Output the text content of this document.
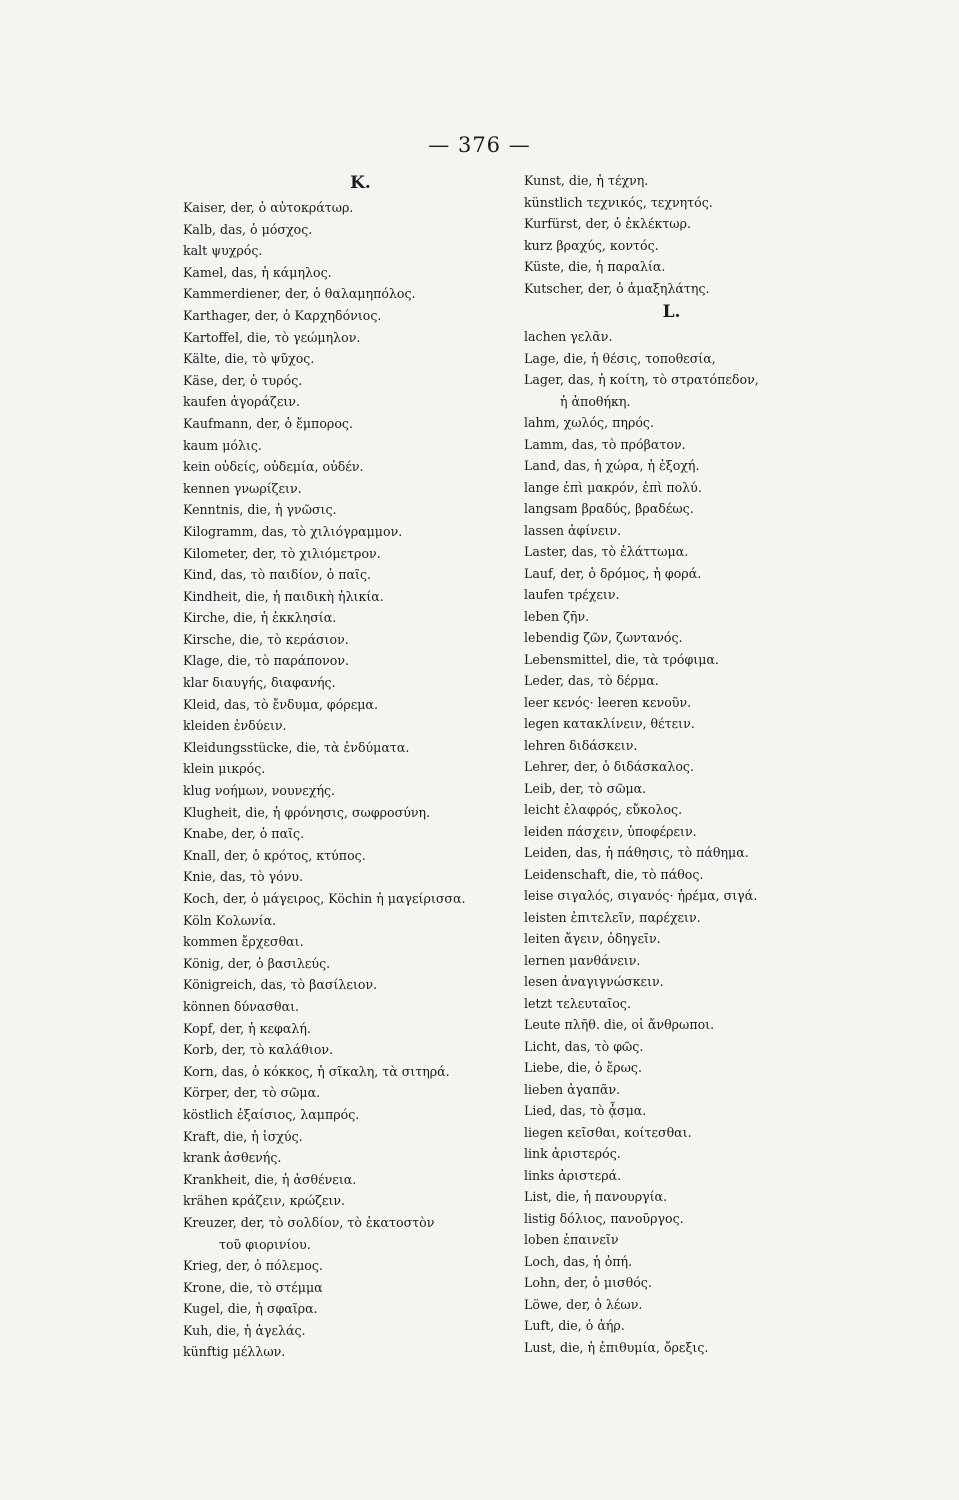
— 376 —
K.
Kaiser, der, ὁ αὐτοκράτωρ.
Kalb, das, ὁ μόσχος.
kalt ψυχρός.
Kamel, das, ἡ κάμηλος.
Kammerdiener, der, ὁ θαλαμηπόλος.
Karthager, der, ὁ Καρχηδόνιος.
Kartoffel, die, τὸ γεώμηλον.
Kälte, die, τὸ ψῦχος.
Käse, der, ὁ τυρός.
kaufen ἀγοράζειν.
Kaufmann, der, ὁ ἔμπορος.
kaum μόλις.
kein οὐδείς, οὐδεμία, οὐδέν.
kennen γνωρίζειν.
Kenntnis, die, ἡ γνῶσις.
Kilogramm, das, τὸ χιλιόγραμμον.
Kilometer, der, τὸ χιλιόμετρον.
Kind, das, τὸ παιδίον, ὁ παῖς.
Kindheit, die, ἡ παιδικὴ ἡλικία.
Kirche, die, ἡ ἐκκλησία.
Kirsche, die, τὸ κεράσιον.
Klage, die, τὸ παράπονον.
klar διαυγής, διαφανής.
Kleid, das, τὸ ἔνδυμα, φόρεμα.
kleiden ἐνδύειν.
Kleidungsstücke, die, τὰ ἐνδύματα.
klein μικρός.
klug νοήμων, νουνεχής.
Klugheit, die, ἡ φρόνησις, σωφροσύνη.
Knabe, der, ὁ παῖς.
Knall, der, ὁ κρότος, κτύπος.
Knie, das, τὸ γόνυ.
Koch, der, ὁ μάγειρος, Köchin ἡ μαγείρισσα.
Köln Κολωνία.
kommen ἔρχεσθαι.
König, der, ὁ βασιλεύς.
Königreich, das, τὸ βασίλειον.
können δύνασθαι.
Kopf, der, ἡ κεφαλή.
Korb, der, τὸ καλάθιον.
Korn, das, ὁ κόκκος, ἡ σῖκαλη, τὰ σιτηρά.
Körper, der, τὸ σῶμα.
köstlich ἐξαίσιος, λαμπρός.
Kraft, die, ἡ ἰσχύς.
krank ἀσθενής.
Krankheit, die, ἡ ἀσθένεια.
krähen κράζειν, κρώζειν.
Kreuzer, der, τὸ σολδίον, τὸ ἑκατοστὸν
τοῦ φιορινίου.
Krieg, der, ὁ πόλεμος.
Krone, die, τὸ στέμμα
Kugel, die, ἡ σφαῖρα.
Kuh, die, ἡ ἀγελάς.
künftig μέλλων.
Kunst, die, ἡ τέχνη.
künstlich τεχνικός, τεχνητός.
Kurfürst, der, ὁ ἐκλέκτωρ.
kurz βραχύς, κοντός.
Küste, die, ἡ παραλία.
Kutscher, der, ὁ ἁμαξηλάτης.
L.
lachen γελᾶν.
Lage, die, ἡ θέσις, τοποθεσία,
Lager, das, ἡ κοίτη, τὸ στρατόπεδον,
ἡ ἀποθήκη.
lahm, χωλός, πηρός.
Lamm, das, τὸ πρόβατον.
Land, das, ἡ χώρα, ἡ ἐξοχή.
lange ἐπὶ μακρόν, ἐπὶ πολύ.
langsam βραδύς, βραδέως.
lassen ἀφίνειν.
Laster, das, τὸ ἐλάττωμα.
Lauf, der, ὁ δρόμος, ἡ φορά.
laufen τρέχειν.
leben ζῆν.
lebendig ζῶν, ζωντανός.
Lebensmittel, die, τὰ τρόφιμα.
Leder, das, τὸ δέρμα.
leer κενός· leeren κενοῦν.
legen κατακλίνειν, θέτειν.
lehren διδάσκειν.
Lehrer, der, ὁ διδάσκαλος.
Leib, der, τὸ σῶμα.
leicht ἐλαφρός, εὔκολος.
leiden πάσχειν, ὑποφέρειν.
Leiden, das, ἡ πάθησις, τὸ πάθημα.
Leidenschaft, die, τὸ πάθος.
leise σιγαλός, σιγανός· ἠρέμα, σιγά.
leisten ἐπιτελεῖν, παρέχειν.
leiten ἄγειν, ὁδηγεῖν.
lernen μανθάνειν.
lesen ἀναγιγνώσκειν.
letzt τελευταῖος.
Leute πλῆθ. die, οἱ ἄνθρωποι.
Licht, das, τὸ φῶς.
Liebe, die, ὁ ἔρως.
lieben ἀγαπᾶν.
Lied, das, τὸ ᾆσμα.
liegen κεῖσθαι, κοίτεσθαι.
link ἀριστερός.
links ἀριστερά.
List, die, ἡ πανουργία.
listig δόλιος, πανοῦργος.
loben ἐπαινεῖν
Loch, das, ἡ ὀπή.
Lohn, der, ὁ μισθός.
Löwe, der, ὁ λέων.
Luft, die, ὁ ἀήρ.
Lust, die, ἡ ἐπιθυμία, ὄρεξις.
